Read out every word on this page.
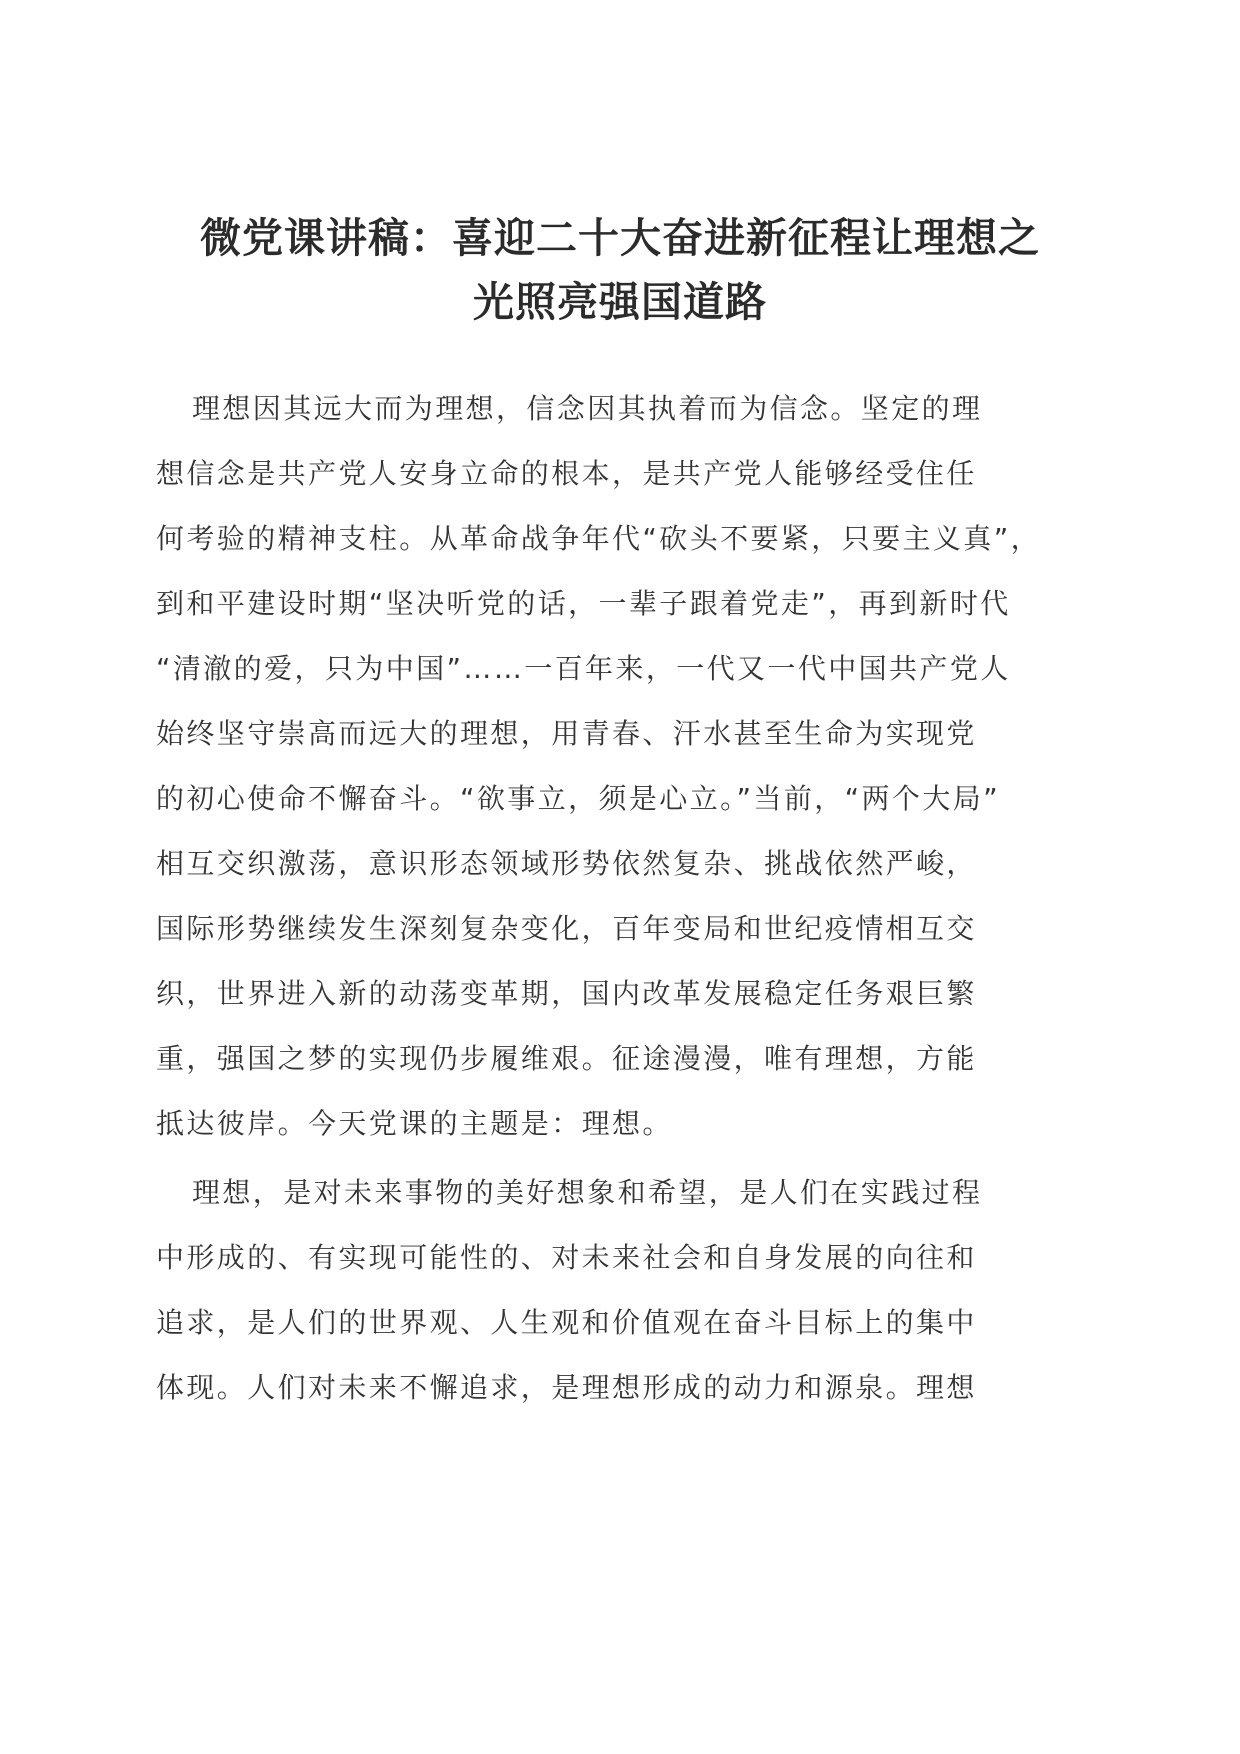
微党课讲稿：喜迎二十大奋进新征程让理想之
光照亮强国道路
理想因其远大而为理想，信念因其执着而为信念。坚定的理
想信念是共产党人安身立命的根本，是共产党人能够经受住任
何考验的精神支柱。从革命战争年代“砍头不要紧，只要主义真”，
到和平建设时期“坚决听党的话，一辈子跟着党走”，再到新时代
“清澈的爱，只为中国”……一百年来，一代又一代中国共产党人
始终坚守崇高而远大的理想，用青春、汗水甚至生命为实现党
的初心使命不懈奋斗。“欲事立，须是心立。”当前，“两个大局”
相互交织激荡，意识形态领域形势依然复杂、挑战依然严峻，
国际形势继续发生深刻复杂变化，百年变局和世纪疫情相互交
织，世界进入新的动荡变革期，国内改革发展稳定任务艰巨繁
重，强国之梦的实现仍步履维艰。征途漫漫，唯有理想，方能
抵达彼岸。今天党课的主题是：理想。
理想，是对未来事物的美好想象和希望，是人们在实践过程
中形成的、有实现可能性的、对未来社会和自身发展的向往和
追求，是人们的世界观、人生观和价值观在奋斗目标上的集中
体现。人们对未来不懈追求，是理想形成的动力和源泉。理想
